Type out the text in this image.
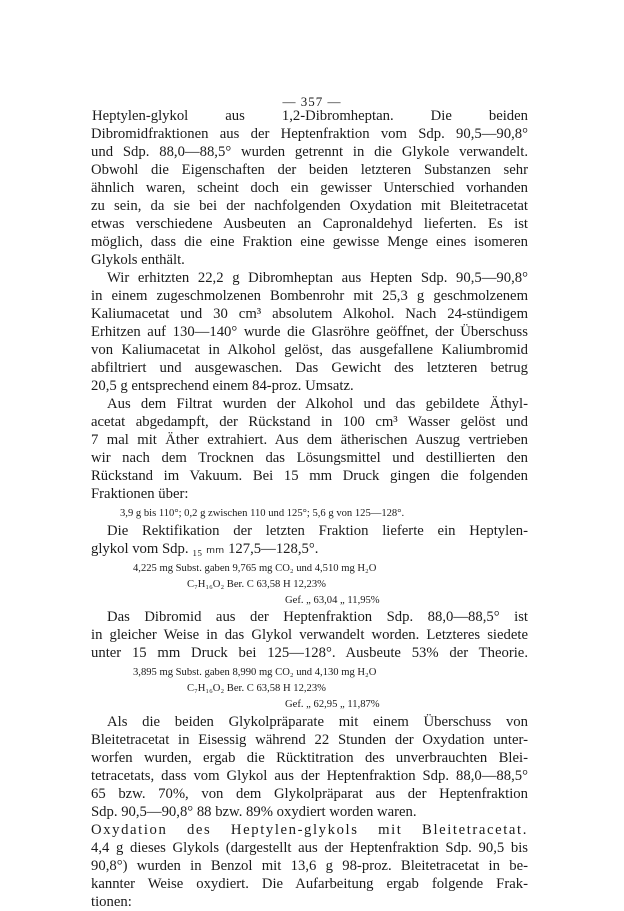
— 357 —
Heptylen-glykol aus 1,2-Dibromheptan. Die beiden
Dibromidfraktionen aus der Heptenfraktion vom Sdp. 90,5—90,8°
und Sdp. 88,0—88,5° wurden getrennt in die Glykole verwandelt.
Obwohl die Eigenschaften der beiden letzteren Substanzen sehr
ähnlich waren, scheint doch ein gewisser Unterschied vorhanden
zu sein, da sie bei der nachfolgenden Oxydation mit Bleitetracetat
etwas verschiedene Ausbeuten an Capronaldehyd lieferten. Es ist
möglich, dass die eine Fraktion eine gewisse Menge eines isomeren
Glykols enthält.
Wir erhitzten 22,2 g Dibromheptan aus Hepten Sdp. 90,5—90,8°
in einem zugeschmolzenen Bombenrohr mit 25,3 g geschmolzenem
Kaliumacetat und 30 cm³ absolutem Alkohol. Nach 24-stündigem
Erhitzen auf 130—140° wurde die Glasröhre geöffnet, der Überschuss
von Kaliumacetat in Alkohol gelöst, das ausgefallene Kaliumbromid
abfiltriert und ausgewaschen. Das Gewicht des letzteren betrug
20,5 g entsprechend einem 84-proz. Umsatz.
Aus dem Filtrat wurden der Alkohol und das gebildete Äthyl-
acetat abgedampft, der Rückstand in 100 cm³ Wasser gelöst und
7 mal mit Äther extrahiert. Aus dem ätherischen Auszug vertrieben
wir nach dem Trocknen das Lösungsmittel und destillierten den
Rückstand im Vakuum. Bei 15 mm Druck gingen die folgenden
Fraktionen über:
3,9 g bis 110°; 0,2 g zwischen 110 und 125°; 5,6 g von 125—128°.
Die Rektifikation der letzten Fraktion lieferte ein Heptylen-
glykol vom Sdp. ₁₅ ₘₘ 127,5—128,5°.
4,225 mg Subst. gaben 9,765 mg CO₂ und 4,510 mg H₂O
C₇H₁₆O₂ Ber. C 63,58 H 12,23%
Gef. „ 63,04 „ 11,95%
Das Dibromid aus der Heptenfraktion Sdp. 88,0—88,5° ist
in gleicher Weise in das Glykol verwandelt worden. Letzteres siedete
unter 15 mm Druck bei 125—128°. Ausbeute 53% der Theorie.
3,895 mg Subst. gaben 8,990 mg CO₂ und 4,130 mg H₂O
C₇H₁₆O₂ Ber. C 63,58 H 12,23%
Gef. „ 62,95 „ 11,87%
Als die beiden Glykolpräparate mit einem Überschuss von
Bleitetracetat in Eisessig während 22 Stunden der Oxydation unter-
worfen wurden, ergab die Rücktitration des unverbrauchten Blei-
tetracetats, dass vom Glykol aus der Heptenfraktion Sdp. 88,0—88,5°
65 bzw. 70%, von dem Glykolpräparat aus der Heptenfraktion
Sdp. 90,5—90,8° 88 bzw. 89% oxydiert worden waren.
Oxydation des Heptylen-glykols mit Bleitetracetat.
4,4 g dieses Glykols (dargestellt aus der Heptenfraktion Sdp. 90,5 bis
90,8°) wurden in Benzol mit 13,6 g 98-proz. Bleitetracetat in be-
kannter Weise oxydiert. Die Aufarbeitung ergab folgende Frak-
tionen:
